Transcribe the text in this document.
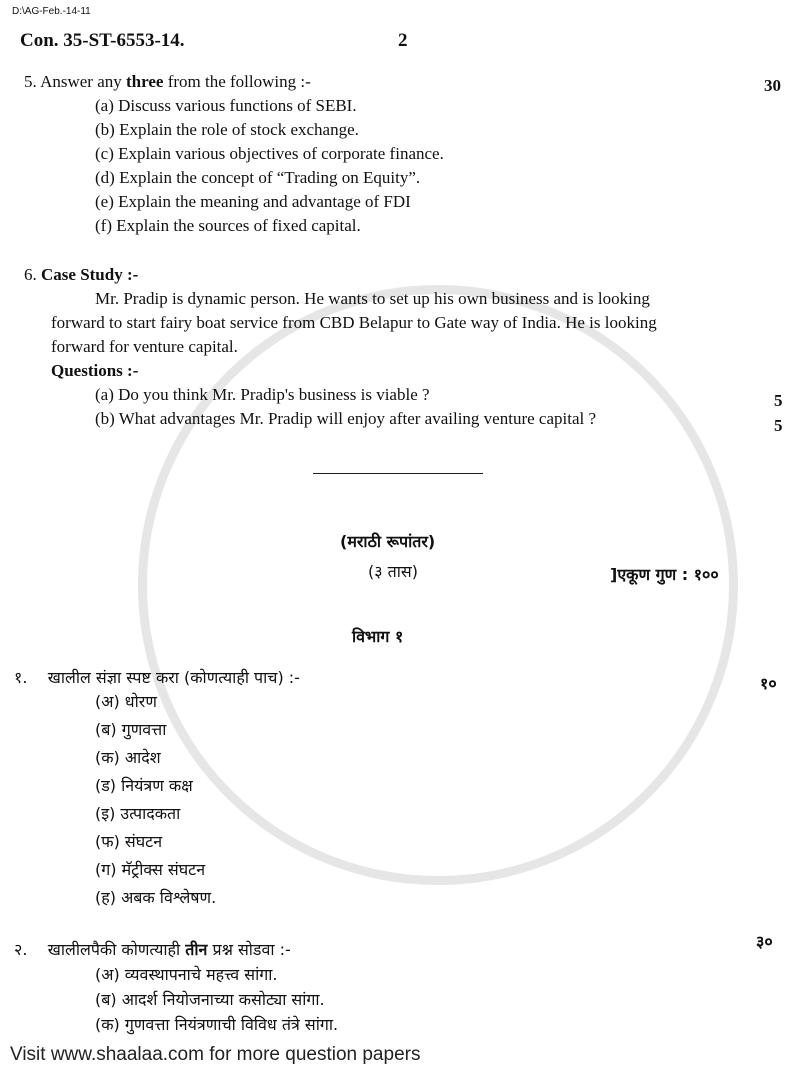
D:\AG-Feb.-14-11
Con. 35-ST-6553-14.	2
5. Answer any three from the following :-	30
(a) Discuss various functions of SEBI.
(b) Explain the role of stock exchange.
(c) Explain various objectives of corporate finance.
(d) Explain the concept of “Trading on Equity”.
(e) Explain the meaning and advantage of FDI
(f) Explain the sources of fixed capital.
6. Case Study :-
Mr. Pradip is dynamic person. He wants to set up his own business and is looking
forward to start fairy boat service from CBD Belapur to Gate way of India. He is looking
forward for venture capital.
Questions :-
(a) Do you think Mr. Pradip's business is viable ?	5
(b) What advantages Mr. Pradip will enjoy after availing venture capital ?	5
(मराठी रूपांतर)
(३ तास)	]एकूण गुण : १००
विभाग १
१. खालील संज्ञा स्पष्ट करा (कोणत्याही पाच) :-	१०
(अ) धोरण
(ब) गुणवत्ता
(क) आदेश
(ड) नियंत्रण कक्ष
(इ) उत्पादकता
(फ) संघटन
(ग) मॅट्रीक्स संघटन
(ह) अबक विश्लेषण.
२. खालीलपैकी कोणत्याही तीन प्रश्न सोडवा :-	३०
(अ) व्यवस्थापनाचे महत्त्व सांगा.
(ब) आदर्श नियोजनाच्या कसोट्या सांगा.
(क) गुणवत्ता नियंत्रणाची विविध तंत्रे सांगा.
Visit www.shaalaa.com for more question papers
